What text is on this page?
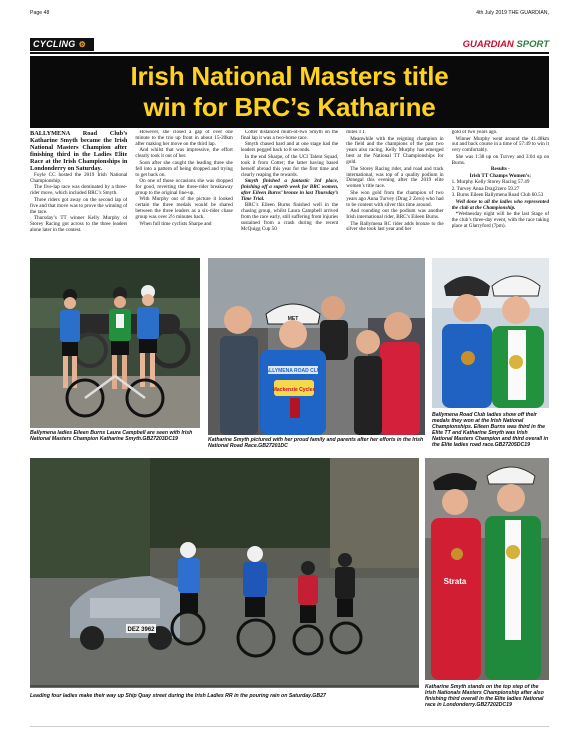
Page 48	4th July 2019 THE GUARDIAN,
CYCLING ⚙	GUARDIAN SPORT
Irish National Masters title
win for BRC’s Katharine

BALLYMENA Road Club’s Katharine Smyth became the Irish National Masters Champion after finishing third in the Ladies Elite Race at the Irish Championships in Londonderry on Saturday.

Foyle CC hosted the 2019 Irish National Championship.

The five-lap race was dominated by a three-rider move, which included BRC’s Smyth.

Three riders got away on the second lap of five and that move was to prove the winning of the race.

Thursday’s TT winner Kelly Murphy of Storey Racing got across to the three leaders alone later in the contest.

However, she closed a gap of over one minute to the trio up front in about 15-20km after making her move on the third lap.

And whilst that was impressive, the effort clearly took it out of her.

Soon after she caught the leading three she fell into a pattern of being dropped and trying to get back on.

On one of those occasions she was dropped for good, reverting the three-rider breakaway group to the original line-up.

With Murphy out of the picture it looked certain the three medals would be shared between the three leaders as a six-rider chase group was over 2½ minutes back.

When full time cyclists Sharpe and

Cotter distanced mum-of-two Smyth on the final lap it was a two-horse race.

Smyth chased hard and at one stage had the leaders pegged back to 8 seconds.

In the end Sharpe, of the UCI Talent Squad, took it from Cotter; the latter having based herself abroad this year for the first time and clearly reaping the rewards.

Smyth finished a fantastic 3rd place, finishing off a superb week for BRC women, after Eileen Burns’ bronze in last Thursday’s Time Trial.

BRC’s Eileen Burns finished well in the chasing group, whilst Laura Campbell arrived from the race early, still suffering from injuries sustained from a crash during the recent McQuigg Cup 50

miles TT.

Meanwhile with the reigning champion in the field and the champions of the past two years also racing, Kelly Murphy has emerged best at the National TT Championships for gold.

The Storey Racing rider, and road and track international, was top of a quality podium in Donegal this evening after the 2019 elite women’s title race.

She won gold from the champion of two years ago Anna Turvey (Drag 2 Zero) who had to be content with silver this time around.

And rounding out the podium was another Irish international rider, BRC’s Eileen Burns.

The Ballymena RC rider adds bronze to the silver she took last year and her

gold of two years ago.

Winner Murphy went around the 41.48km out and back course in a time of 57:49 to win it very comfortably.

She was 1:38 up on Turvey and 3:04 up on Burns.

Results -

Irish TT Champs Women’s:

1. Murphy Kelly Storey Racing 57.49

2. Turvey Anna Drag2zero 59.27

3. Burns Eileen Ballymena Road Club 60.53

Well done to all the ladies who represented the club at the Championship.

*Wednesday night will be the last Stage of the club’s three-day event, with the race taking place at Glarryford (7pm).

Ballymena ladies Eileen Burns Laura Campbell are seen with Irish National Masters Champion Katharine Smyth.GB27203DC19
BALLYMENA ROAD CLUB
Mackenzie Cycles
MET
Katharine Smyth pictured with her proud family and parents after her efforts in the Irish National Road Race.GB27201DC
Ballymena Road Club ladies show off their medals they won at the Irish National Championships. Eileen Burns was third in the Elite TT and Katharine Smyth was Irish National Masters Champion and third overall in the Elite ladies road race.GB27205DC19
DEZ 3962
Leading four ladies make their way up Ship Quay street during the Irish Ladies RR in the pouring rain on Saturday.GB27
Strata
Katharine Smyth stands on the top step of the Irish Nationals Masters Championship after also finishing third overall in the Elite ladies National race in Londonderry.GB27202DC19
